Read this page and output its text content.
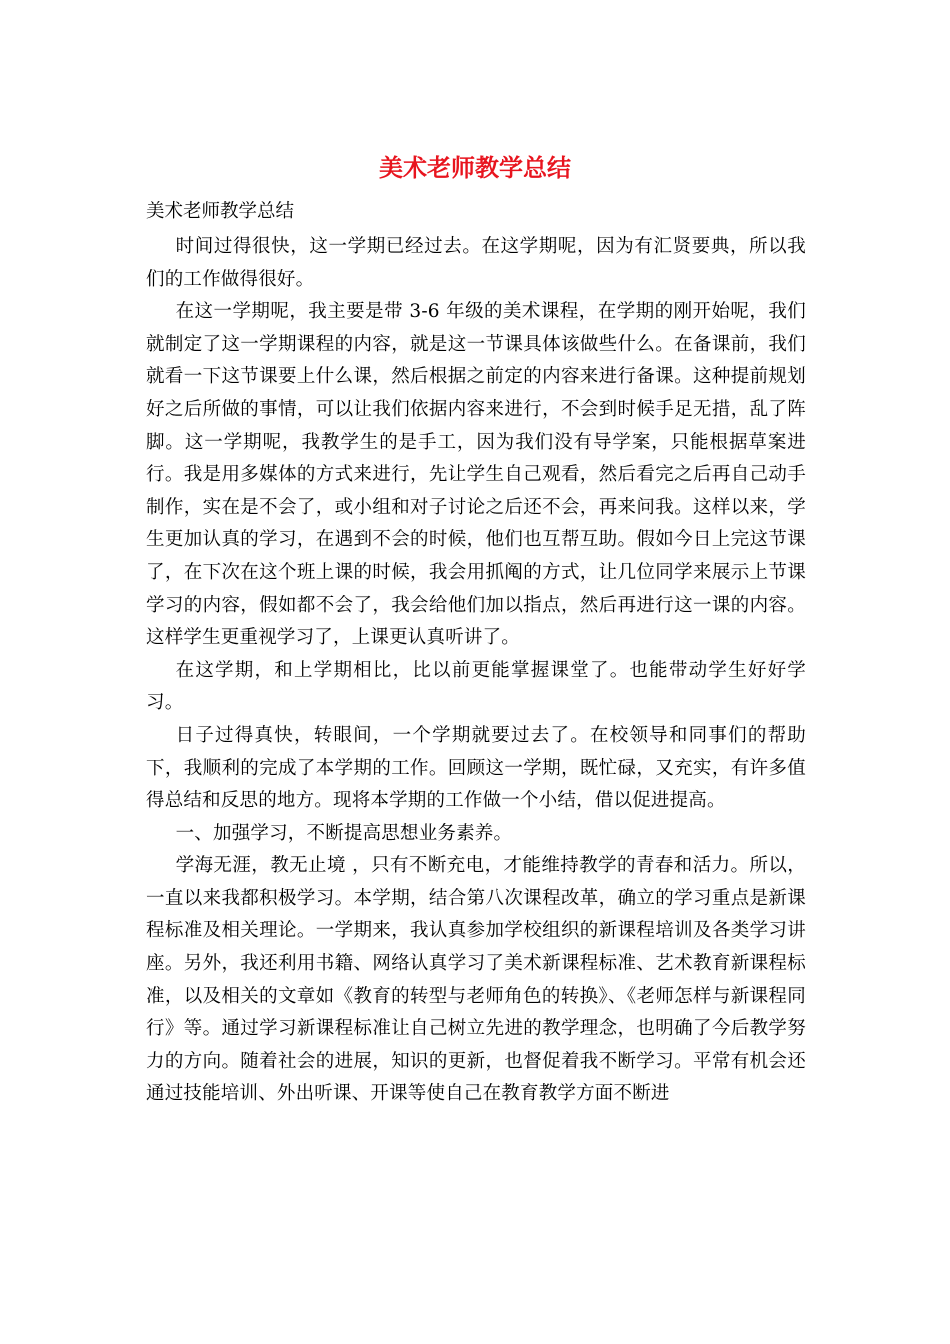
美术老师教学总结
美术老师教学总结

时间过得很快，这一学期已经过去。在这学期呢，因为有汇贤要典，所以我们的工作做得很好。

在这一学期呢，我主要是带 3-6 年级的美术课程，在学期的刚开始呢，我们就制定了这一学期课程的内容，就是这一节课具体该做些什么。在备课前，我们就看一下这节课要上什么课，然后根据之前定的内容来进行备课。这种提前规划好之后所做的事情，可以让我们依据内容来进行，不会到时候手足无措，乱了阵脚。这一学期呢，我教学生的是手工，因为我们没有导学案，只能根据草案进行。我是用多媒体的方式来进行，先让学生自己观看，然后看完之后再自己动手制作，实在是不会了，或小组和对子讨论之后还不会，再来问我。这样以来，学生更加认真的学习，在遇到不会的时候，他们也互帮互助。假如今日上完这节课了，在下次在这个班上课的时候，我会用抓阄的方式，让几位同学来展示上节课学习的内容，假如都不会了，我会给他们加以指点，然后再进行这一课的内容。这样学生更重视学习了，上课更认真听讲了。

在这学期，和上学期相比，比以前更能掌握课堂了。也能带动学生好好学习。

日子过得真快，转眼间，一个学期就要过去了。在校领导和同事们的帮助下，我顺利的完成了本学期的工作。回顾这一学期，既忙碌，又充实，有许多值得总结和反思的地方。现将本学期的工作做一个小结，借以促进提高。

一、加强学习，不断提高思想业务素养。

学海无涯，教无止境 ，只有不断充电，才能维持教学的青春和活力。所以，一直以来我都积极学习。本学期，结合第八次课程改革，确立的学习重点是新课程标准及相关理论。一学期来，我认真参加学校组织的新课程培训及各类学习讲座。另外，我还利用书籍、网络认真学习了美术新课程标准、艺术教育新课程标准，以及相关的文章如《教育的转型与老师角色的转换》、《老师怎样与新课程同行》等。通过学习新课程标准让自己树立先进的教学理念，也明确了今后教学努力的方向。随着社会的进展，知识的更新，也督促着我不断学习。平常有机会还通过技能培训、外出听课、开课等使自己在教育教学方面不断进
